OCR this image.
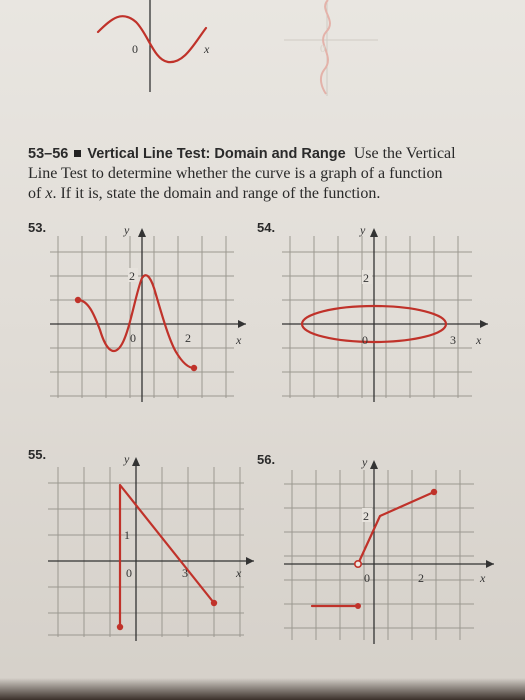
0	x	0
53–56 Vertical Line Test: Domain and Range Use the Vertical
Line Test to determine whether the curve is a graph of a function
of x. If it is, state the domain and range of the function.
53.	54.
55.	56.
2
0	2
y
x
2
0	3
y
x
1
0	3
y
x
2
0	2
y
x
